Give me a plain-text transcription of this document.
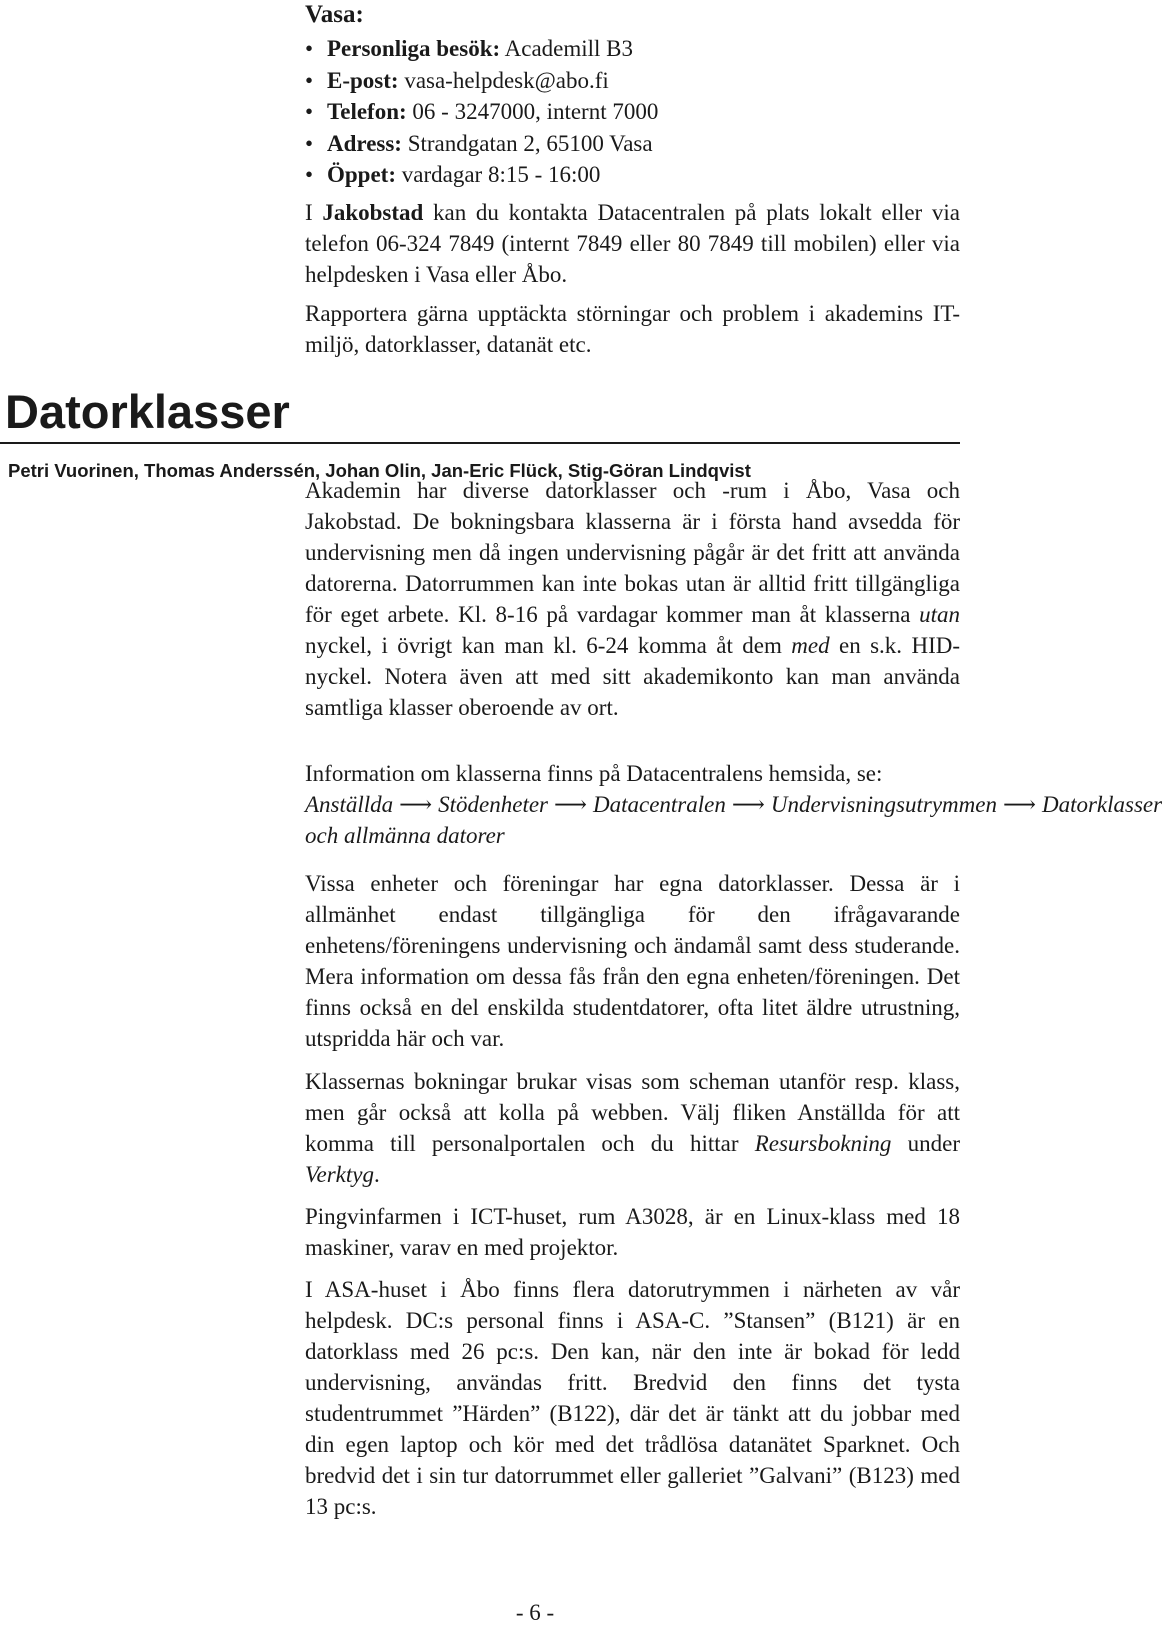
Vasa:
• Personliga besök: Academill B3
• E-post: vasa-helpdesk@abo.fi
• Telefon: 06 - 3247000, internt 7000
• Adress: Strandgatan 2, 65100 Vasa
• Öppet: vardagar 8:15 - 16:00

I Jakobstad kan du kontakta Datacentralen på plats lokalt eller via telefon 06-324 7849 (internt 7849 eller 80 7849 till mobilen) eller via helpdesken i Vasa eller Åbo.

Rapportera gärna upptäckta störningar och problem i akademins IT-miljö, datorklasser, datanät etc.

Datorklasser
Petri Vuorinen, Thomas Anderssén, Johan Olin, Jan-Eric Flück, Stig-Göran Lindqvist

Akademin har diverse datorklasser och -rum i Åbo, Vasa och Jakobstad. De bokningsbara klasserna är i första hand avsedda för undervisning men då ingen undervisning pågår är det fritt att använda datorerna. Datorrummen kan inte bokas utan är alltid fritt tillgängliga för eget arbete. Kl. 8-16 på vardagar kommer man åt klasserna utan nyckel, i övrigt kan man kl. 6-24 komma åt dem med en s.k. HID-nyckel. Notera även att med sitt akademikonto kan man använda samtliga klasser oberoende av ort.

Information om klasserna finns på Datacentralens hemsida, se:
Anställda ⟶ Stödenheter ⟶ Datacentralen ⟶ Undervisningsutrymmen ⟶ Datorklasser och allmänna datorer

Vissa enheter och föreningar har egna datorklasser. Dessa är i allmänhet endast tillgängliga för den ifrågavarande enhetens/föreningens undervisning och ändamål samt dess studerande. Mera information om dessa fås från den egna enheten/föreningen. Det finns också en del enskilda studentdatorer, ofta litet äldre utrustning, utspridda här och var.

Klassernas bokningar brukar visas som scheman utanför resp. klass, men går också att kolla på webben. Välj fliken Anställda för att komma till personalportalen och du hittar Resursbokning under Verktyg.

Pingvinfarmen i ICT-huset, rum A3028, är en Linux-klass med 18 maskiner, varav en med projektor.

I ASA-huset i Åbo finns flera datorutrymmen i närheten av vår helpdesk. DC:s personal finns i ASA-C. ”Stansen” (B121) är en datorklass med 26 pc:s. Den kan, när den inte är bokad för ledd undervisning, användas fritt. Bredvid den finns det tysta studentrummet ”Härden” (B122), där det är tänkt att du jobbar med din egen laptop och kör med det trådlösa datanätet Sparknet. Och bredvid det i sin tur datorrummet eller galleriet ”Galvani” (B123) med 13 pc:s.

- 6 -
